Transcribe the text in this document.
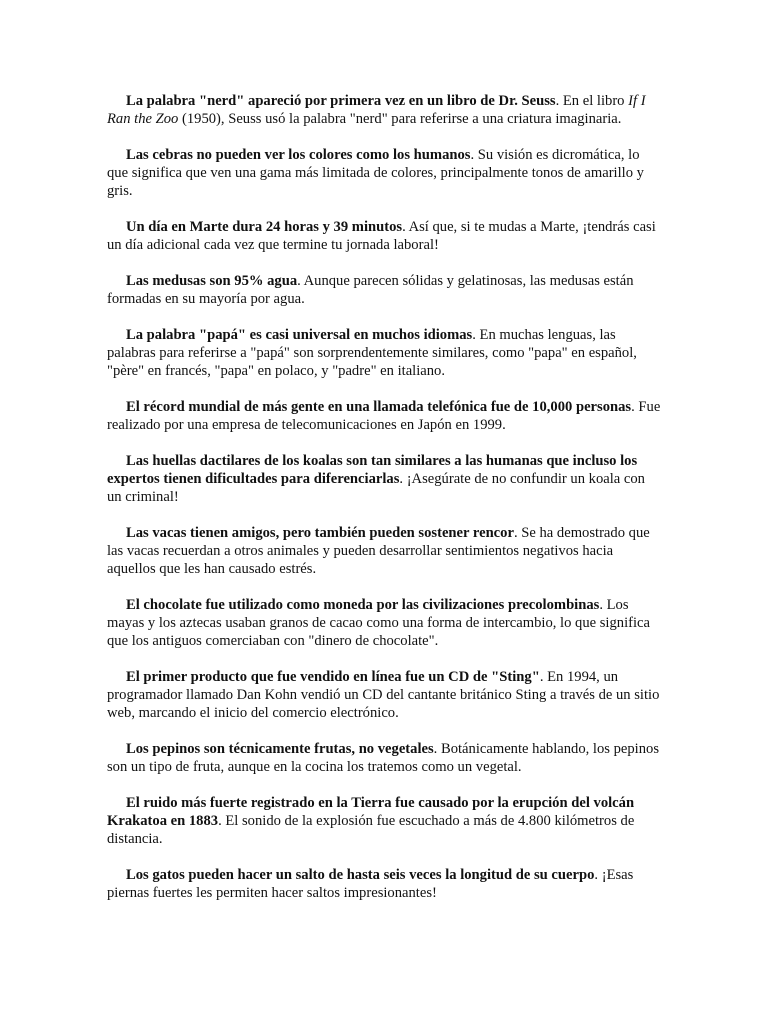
La palabra "nerd" apareció por primera vez en un libro de Dr. Seuss. En el libro If I Ran the Zoo (1950), Seuss usó la palabra "nerd" para referirse a una criatura imaginaria.

Las cebras no pueden ver los colores como los humanos. Su visión es dicromática, lo que significa que ven una gama más limitada de colores, principalmente tonos de amarillo y gris.

Un día en Marte dura 24 horas y 39 minutos. Así que, si te mudas a Marte, ¡tendrás casi un día adicional cada vez que termine tu jornada laboral!

Las medusas son 95% agua. Aunque parecen sólidas y gelatinosas, las medusas están formadas en su mayoría por agua.

La palabra "papá" es casi universal en muchos idiomas. En muchas lenguas, las palabras para referirse a "papá" son sorprendentemente similares, como "papa" en español, "père" en francés, "papa" en polaco, y "padre" en italiano.

El récord mundial de más gente en una llamada telefónica fue de 10,000 personas. Fue realizado por una empresa de telecomunicaciones en Japón en 1999.

Las huellas dactilares de los koalas son tan similares a las humanas que incluso los expertos tienen dificultades para diferenciarlas. ¡Asegúrate de no confundir un koala con un criminal!

Las vacas tienen amigos, pero también pueden sostener rencor. Se ha demostrado que las vacas recuerdan a otros animales y pueden desarrollar sentimientos negativos hacia aquellos que les han causado estrés.

El chocolate fue utilizado como moneda por las civilizaciones precolombinas. Los mayas y los aztecas usaban granos de cacao como una forma de intercambio, lo que significa que los antiguos comerciaban con "dinero de chocolate".

El primer producto que fue vendido en línea fue un CD de "Sting". En 1994, un programador llamado Dan Kohn vendió un CD del cantante británico Sting a través de un sitio web, marcando el inicio del comercio electrónico.

Los pepinos son técnicamente frutas, no vegetales. Botánicamente hablando, los pepinos son un tipo de fruta, aunque en la cocina los tratemos como un vegetal.

El ruido más fuerte registrado en la Tierra fue causado por la erupción del volcán Krakatoa en 1883. El sonido de la explosión fue escuchado a más de 4.800 kilómetros de distancia.

Los gatos pueden hacer un salto de hasta seis veces la longitud de su cuerpo. ¡Esas piernas fuertes les permiten hacer saltos impresionantes!
